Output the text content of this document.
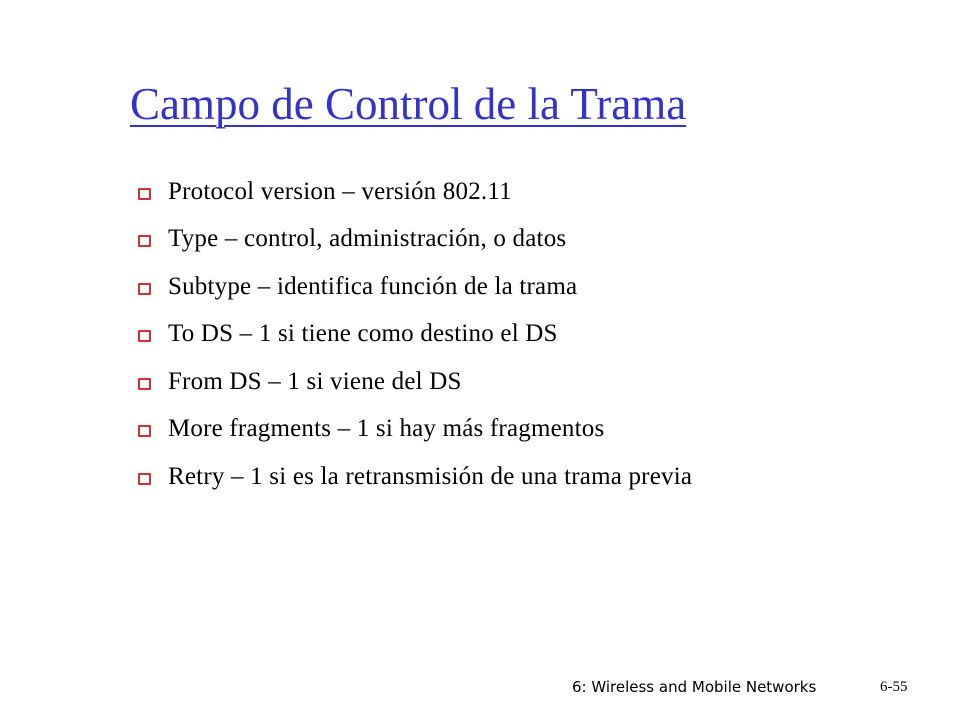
Campo de Control de la Trama
Protocol version – versión 802.11
Type – control, administración, o datos
Subtype – identifica función de la trama
To DS – 1 si tiene como destino el DS
From DS – 1 si viene del DS
More fragments – 1 si hay más fragmentos
Retry – 1 si es la retransmisión de una trama previa
6: Wireless and Mobile Networks	6-55
